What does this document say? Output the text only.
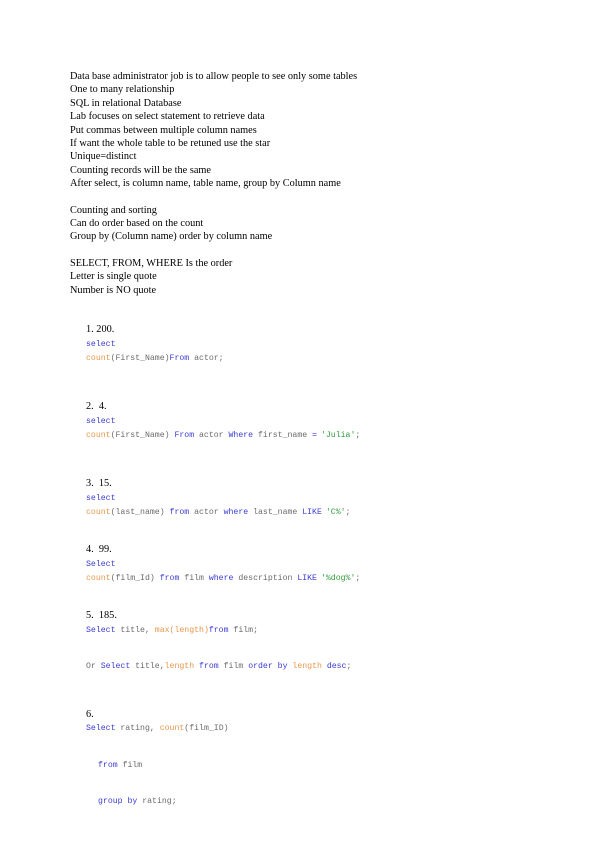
Data base administrator job is to allow people to see only some tables
One to many relationship
SQL in relational Database
Lab focuses on select statement to retrieve data
Put commas between multiple column names
If want the whole table to be retuned use the star
Unique=distinct
Counting records will be the same
After select, is column name, table name, group by Column name
Counting and sorting
Can do order based on the count
Group by (Column name) order by column name
SELECT, FROM, WHERE Is the order
Letter is single quote
Number is NO quote

1. 200.
select
count(First_Name)From actor;

2.  4.
select
count(First_Name) From actor Where first_name = 'Julia';

3.  15.
select
count(last_name) from actor where last_name LIKE 'C%';

4.  99.
Select
count(film_Id) from film where description LIKE '%dog%';

5.  185.
Select title, max(length)from film;

Or Select title,length from film order by length desc;

6.
Select rating, count(film_ID)

from film

group by rating;
